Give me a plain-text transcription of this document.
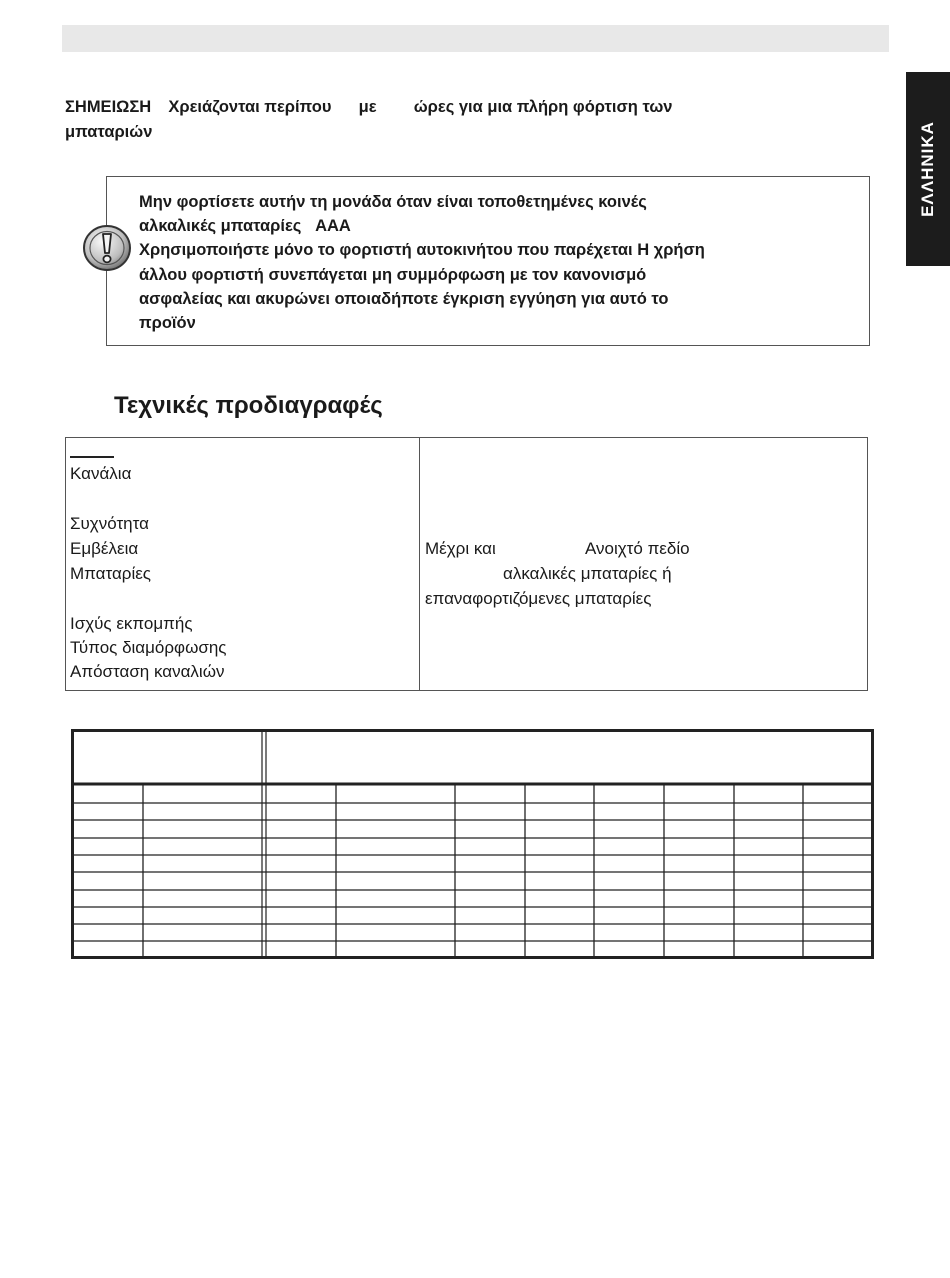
ΕΛΛΗΝΙΚΑ
ΣΗΜΕΙΩΣΗ Χρειάζονται περίπου με ώρες για μια πλήρη φόρτιση των
μπαταριών
Μην φορτίσετε αυτήν τη μονάδα όταν είναι τοποθετημένες κοινές
αλκαλικές μπαταρίες   AAA
Χρησιμοποιήστε μόνο το φορτιστή αυτοκινήτου που παρέχεται Η χρήση
άλλου φορτιστή συνεπάγεται μη συμμόρφωση με τον κανονισμό
ασφαλείας και ακυρώνει οποιαδήποτε έγκριση εγγύηση για αυτό το
προϊόν
Τεχνικές προδιαγραφές
Κανάλια
Συχνότητα
Εμβέλεια
Μπαταρίες
Ισχύς εκπομπής
Τύπος διαμόρφωσης
Απόσταση καναλιών
Μέχρι και	Ανοιχτό πεδίο
αλκαλικές μπαταρίες ή
επαναφορτιζόμενες μπαταρίες
